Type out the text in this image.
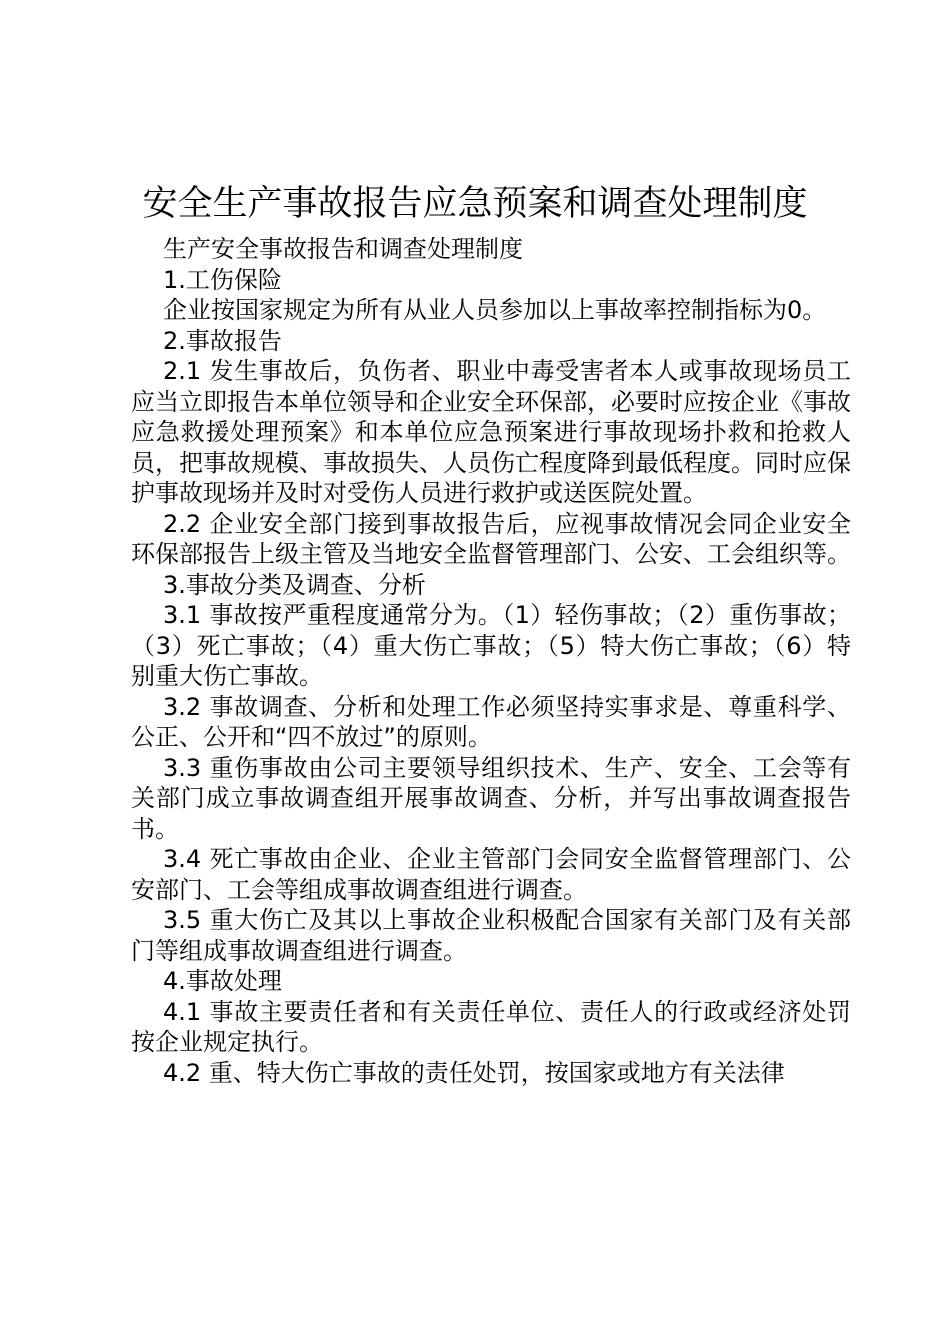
安全生产事故报告应急预案和调查处理制度

生产安全事故报告和调查处理制度

1.工伤保险

企业按国家规定为所有从业人员参加以上事故率控制指标为0。

2.事故报告

2.1 发生事故后，负伤者、职业中毒受害者本人或事故现场员工应当立即报告本单位领导和企业安全环保部，必要时应按企业《事故应急救援处理预案》和本单位应急预案进行事故现场扑救和抢救人员，把事故规模、事故损失、人员伤亡程度降到最低程度。同时应保护事故现场并及时对受伤人员进行救护或送医院处置。

2.2 企业安全部门接到事故报告后，应视事故情况会同企业安全环保部报告上级主管及当地安全监督管理部门、公安、工会组织等。

3.事故分类及调查、分析

3.1 事故按严重程度通常分为。（1）轻伤事故；（2）重伤事故；（3）死亡事故；（4）重大伤亡事故；（5）特大伤亡事故；（6）特别重大伤亡事故。

3.2 事故调查、分析和处理工作必须坚持实事求是、尊重科学、公正、公开和“四不放过”的原则。

3.3 重伤事故由公司主要领导组织技术、生产、安全、工会等有关部门成立事故调查组开展事故调查、分析，并写出事故调查报告书。

3.4 死亡事故由企业、企业主管部门会同安全监督管理部门、公安部门、工会等组成事故调查组进行调查。

3.5 重大伤亡及其以上事故企业积极配合国家有关部门及有关部门等组成事故调查组进行调查。

4.事故处理

4.1 事故主要责任者和有关责任单位、责任人的行政或经济处罚按企业规定执行。

4.2 重、特大伤亡事故的责任处罚，按国家或地方有关法律
